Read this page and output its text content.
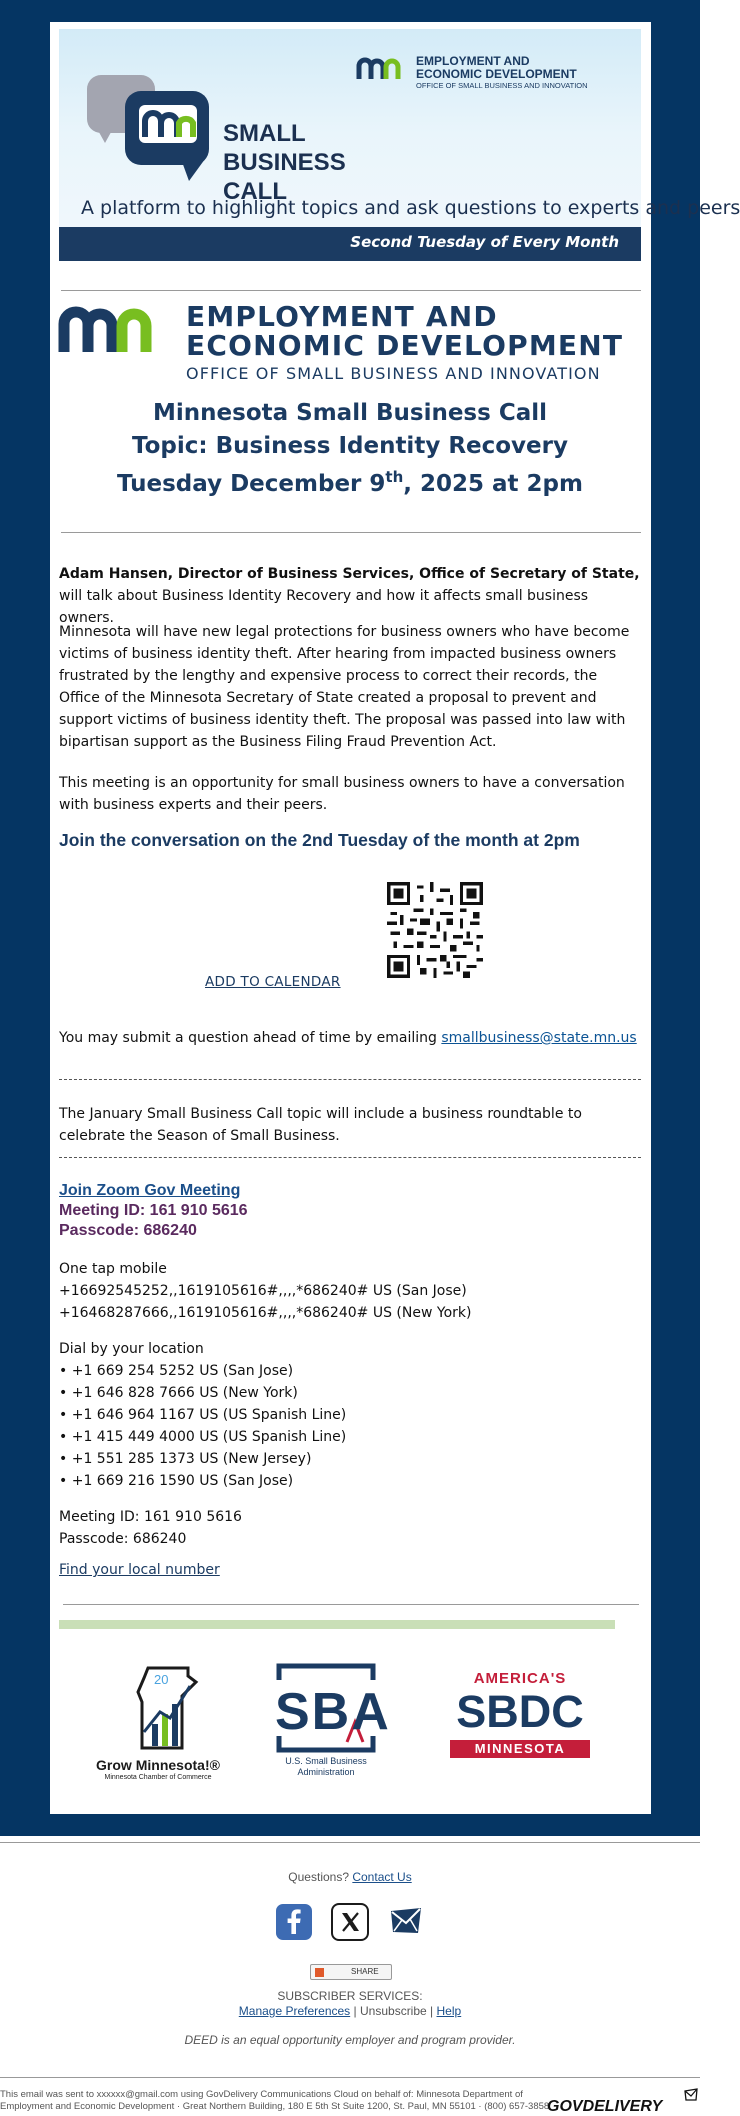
SMALL
BUSINESS
CALL
EMPLOYMENT AND
ECONOMIC DEVELOPMENT
OFFICE OF SMALL BUSINESS AND INNOVATION
A platform to highlight topics and ask questions to experts and peers
Second Tuesday of Every Month
EMPLOYMENT AND
ECONOMIC DEVELOPMENT
OFFICE OF SMALL BUSINESS AND INNOVATION
Minnesota Small Business Call
Topic: Business Identity Recovery
Tuesday December 9th, 2025 at 2pm
Adam Hansen, Director of Business Services, Office of Secretary of State, will talk about Business Identity Recovery and how it affects small business owners.
Minnesota will have new legal protections for business owners who have become victims of business identity theft. After hearing from impacted business owners frustrated by the lengthy and expensive process to correct their records, the Office of the Minnesota Secretary of State created a proposal to prevent and support victims of business identity theft. The proposal was passed into law with bipartisan support as the Business Filing Fraud Prevention Act.
This meeting is an opportunity for small business owners to have a conversation with business experts and their peers.
Join the conversation on the 2nd Tuesday of the month at 2pm
ADD TO CALENDAR
You may submit a question ahead of time by emailing smallbusiness@state.mn.us
The January Small Business Call topic will include a business roundtable to celebrate the Season of Small Business.
Join Zoom Gov Meeting
Meeting ID: 161 910 5616
Passcode: 686240
One tap mobile
+16692545252,,1619105616#,,,,*686240# US (San Jose)
+16468287666,,1619105616#,,,,*686240# US (New York)
Dial by your location
• +1 669 254 5252 US (San Jose)
• +1 646 828 7666 US (New York)
• +1 646 964 1167 US (US Spanish Line)
• +1 415 449 4000 US (US Spanish Line)
• +1 551 285 1373 US (New Jersey)
• +1 669 216 1590 US (San Jose)
Meeting ID: 161 910 5616
Passcode: 686240
Find your local number
20
Grow Minnesota!®
Minnesota Chamber of Commerce
SBA
U.S. Small Business
Administration
AMERICA'S
SBDC
MINNESOTA
Questions? Contact Us
SHARE
SUBSCRIBER SERVICES:
Manage Preferences | Unsubscribe | Help
DEED is an equal opportunity employer and program provider.
This email was sent to xxxxxx@gmail.com using GovDelivery Communications Cloud on behalf of: Minnesota Department of
Employment and Economic Development · Great Northern Building, 180 E 5th St Suite 1200, St. Paul, MN 55101 · (800) 657-3858
GOVDELIVERY
